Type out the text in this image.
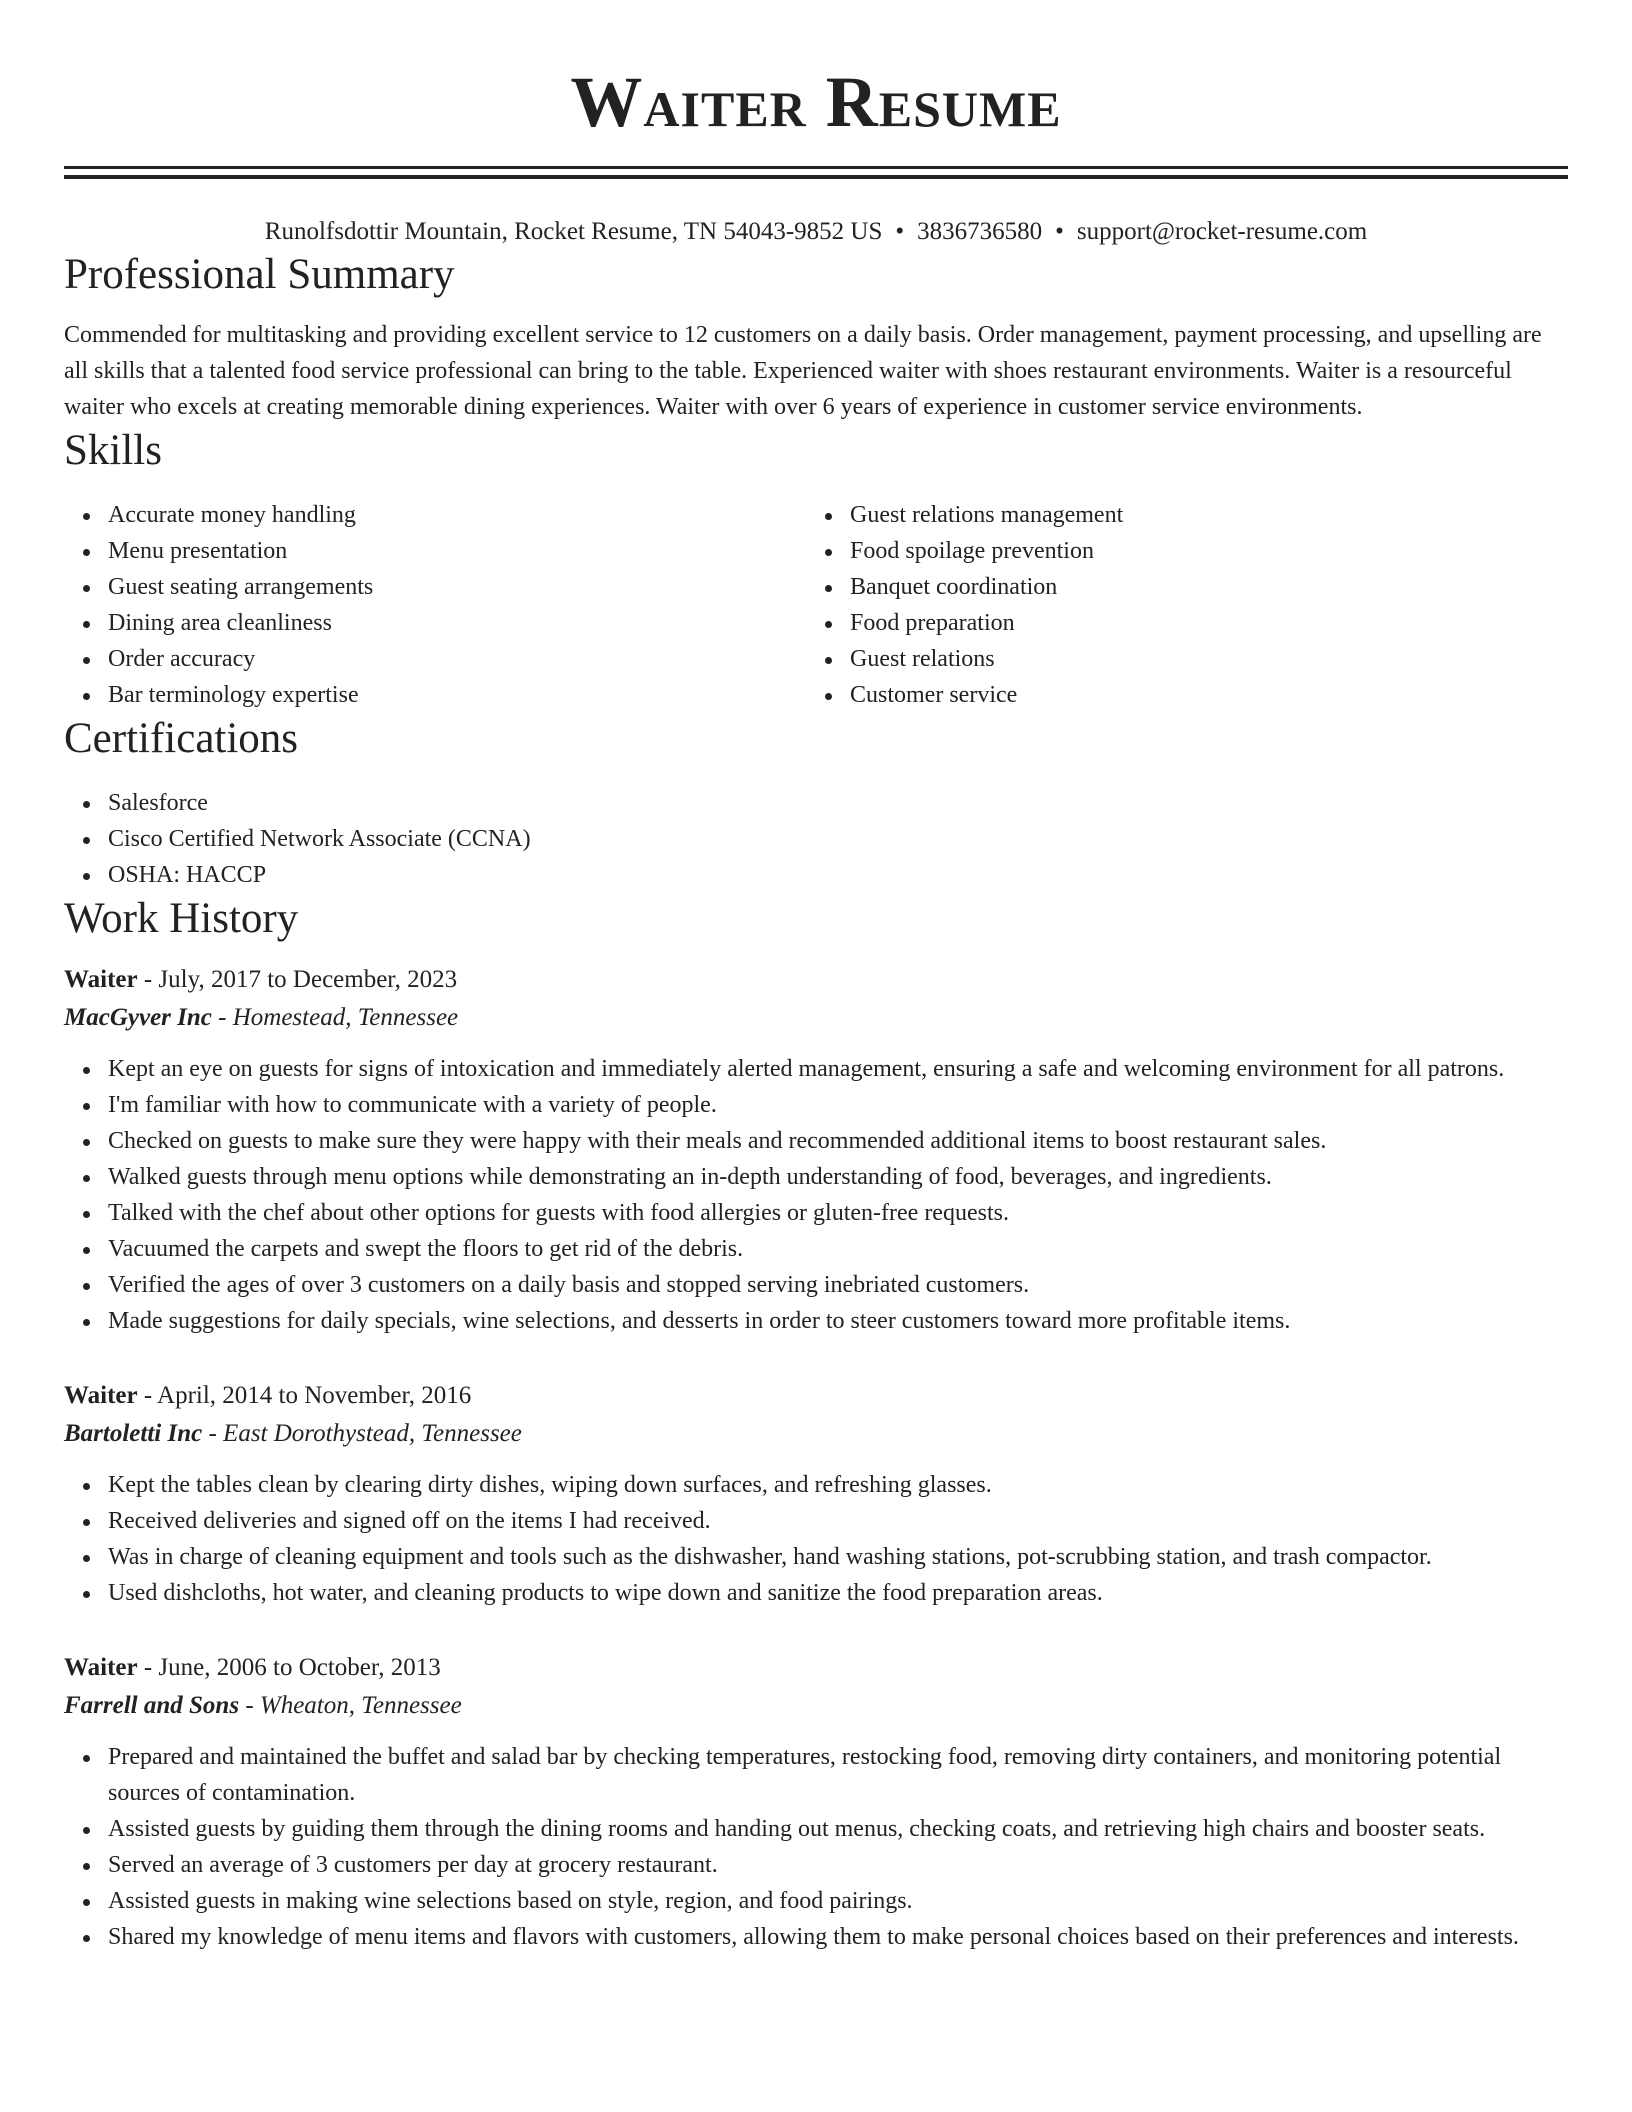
Waiter Resume
Runolfsdottir Mountain, Rocket Resume, TN 54043-9852 US • 3836736580 • support@rocket-resume.com
Professional Summary

Commended for multitasking and providing excellent service to 12 customers on a daily basis. Order management, payment processing, and upselling are all skills that a talented food service professional can bring to the table. Experienced waiter with shoes restaurant environments. Waiter is a resourceful waiter who excels at creating memorable dining experiences. Waiter with over 6 years of experience in customer service environments.

Skills
Accurate money handling
Menu presentation
Guest seating arrangements
Dining area cleanliness
Order accuracy
Bar terminology expertise
Guest relations management
Food spoilage prevention
Banquet coordination
Food preparation
Guest relations
Customer service
Certifications
Salesforce
Cisco Certified Network Associate (CCNA)
OSHA: HACCP
Work History

Waiter - July, 2017 to December, 2023

MacGyver Inc - Homestead, Tennessee

Kept an eye on guests for signs of intoxication and immediately alerted management, ensuring a safe and welcoming environment for all patrons.
I'm familiar with how to communicate with a variety of people.
Checked on guests to make sure they were happy with their meals and recommended additional items to boost restaurant sales.
Walked guests through menu options while demonstrating an in-depth understanding of food, beverages, and ingredients.
Talked with the chef about other options for guests with food allergies or gluten-free requests.
Vacuumed the carpets and swept the floors to get rid of the debris.
Verified the ages of over 3 customers on a daily basis and stopped serving inebriated customers.
Made suggestions for daily specials, wine selections, and desserts in order to steer customers toward more profitable items.

Waiter - April, 2014 to November, 2016

Bartoletti Inc - East Dorothystead, Tennessee

Kept the tables clean by clearing dirty dishes, wiping down surfaces, and refreshing glasses.
Received deliveries and signed off on the items I had received.
Was in charge of cleaning equipment and tools such as the dishwasher, hand washing stations, pot-scrubbing station, and trash compactor.
Used dishcloths, hot water, and cleaning products to wipe down and sanitize the food preparation areas.

Waiter - June, 2006 to October, 2013

Farrell and Sons - Wheaton, Tennessee

Prepared and maintained the buffet and salad bar by checking temperatures, restocking food, removing dirty containers, and monitoring potential sources of contamination.
Assisted guests by guiding them through the dining rooms and handing out menus, checking coats, and retrieving high chairs and booster seats.
Served an average of 3 customers per day at grocery restaurant.
Assisted guests in making wine selections based on style, region, and food pairings.
Shared my knowledge of menu items and flavors with customers, allowing them to make personal choices based on their preferences and interests.
